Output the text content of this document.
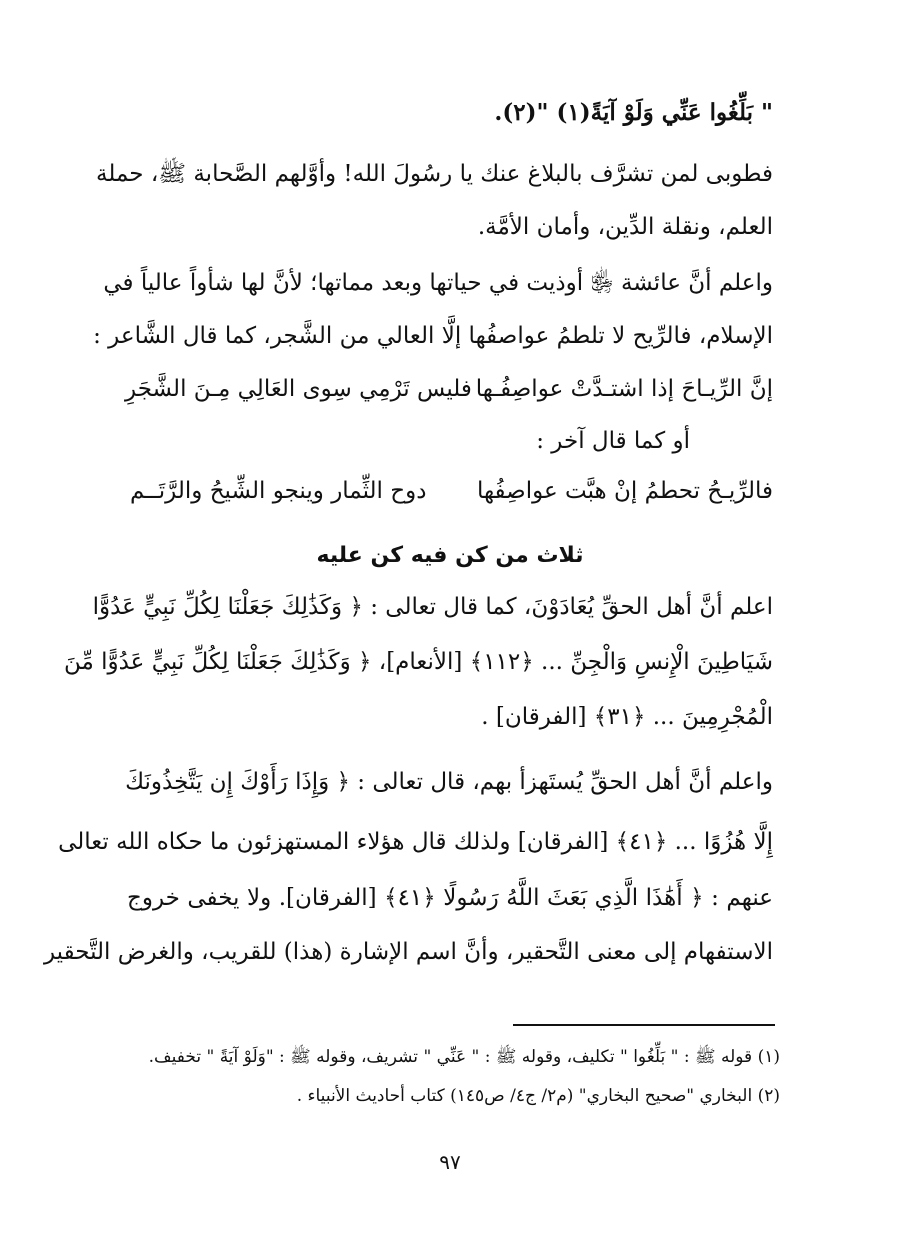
" بَلِّغُوا عَنِّي وَلَوْ آيَةً(١) "(٢).
فطوبى لمن تشرَّف بالبلاغ عنك يا رسُولَ الله! وأوَّلهم الصَّحابة ﷺ، حملة
العلم، ونقلة الدِّين، وأمان الأمَّة.
واعلم أنَّ عائشة ﵂ أوذيت في حياتها وبعد مماتها؛ لأنَّ لها شأواً عالياً في
الإسلام، فالرِّيح لا تلطمُ عواصفُها إلَّا العالي من الشَّجر، كما قال الشَّاعر :
إنَّ الرِّيـاحَ إذا اشتـدَّتْ عواصِفُـها
فليس تَرْمِي سِوى العَالِي مِـنَ الشَّجَرِ
أو كما قال آخر :
فالرِّيـحُ تحطمُ إنْ هبَّت عواصِفُها
دوح الثِّمار وينجو الشِّيحُ والرَّتَــم
ثلاث من كن فيه كن عليه
اعلم أنَّ أهل الحقِّ يُعَادَوْنَ، كما قال تعالى : ﴿ وَكَذَٰلِكَ جَعَلْنَا لِكُلِّ نَبِيٍّ عَدُوًّا
شَيَاطِينَ الْإِنسِ وَالْجِنِّ ... ﴿١١٢﴾ [الأنعام]، ﴿ وَكَذَٰلِكَ جَعَلْنَا لِكُلِّ نَبِيٍّ عَدُوًّا مِّنَ
الْمُجْرِمِينَ ... ﴿٣١﴾ [الفرقان] .
واعلم أنَّ أهل الحقِّ يُستَهزأ بهم، قال تعالى : ﴿ وَإِذَا رَأَوْكَ إِن يَتَّخِذُونَكَ
إِلَّا هُزُوًا ... ﴿٤١﴾ [الفرقان] ولذلك قال هؤلاء المستهزئون ما حكاه الله تعالى
عنهم : ﴿ أَهَٰذَا الَّذِي بَعَثَ اللَّهُ رَسُولًا ﴿٤١﴾ [الفرقان]. ولا يخفى خروج
الاستفهام إلى معنى التَّحقير، وأنَّ اسم الإشارة (هذا) للقريب، والغرض التَّحقير
(١) قوله ﷺ : " بَلِّغُوا " تكليف، وقوله ﷺ : " عَنِّي " تشريف، وقوله ﷺ : "وَلَوْ آيَةً " تخفيف.
(٢) البخاري "صحيح البخاري" (م٢/ ج٤/ ص١٤٥) كتاب أحاديث الأنبياء .
٩٧
